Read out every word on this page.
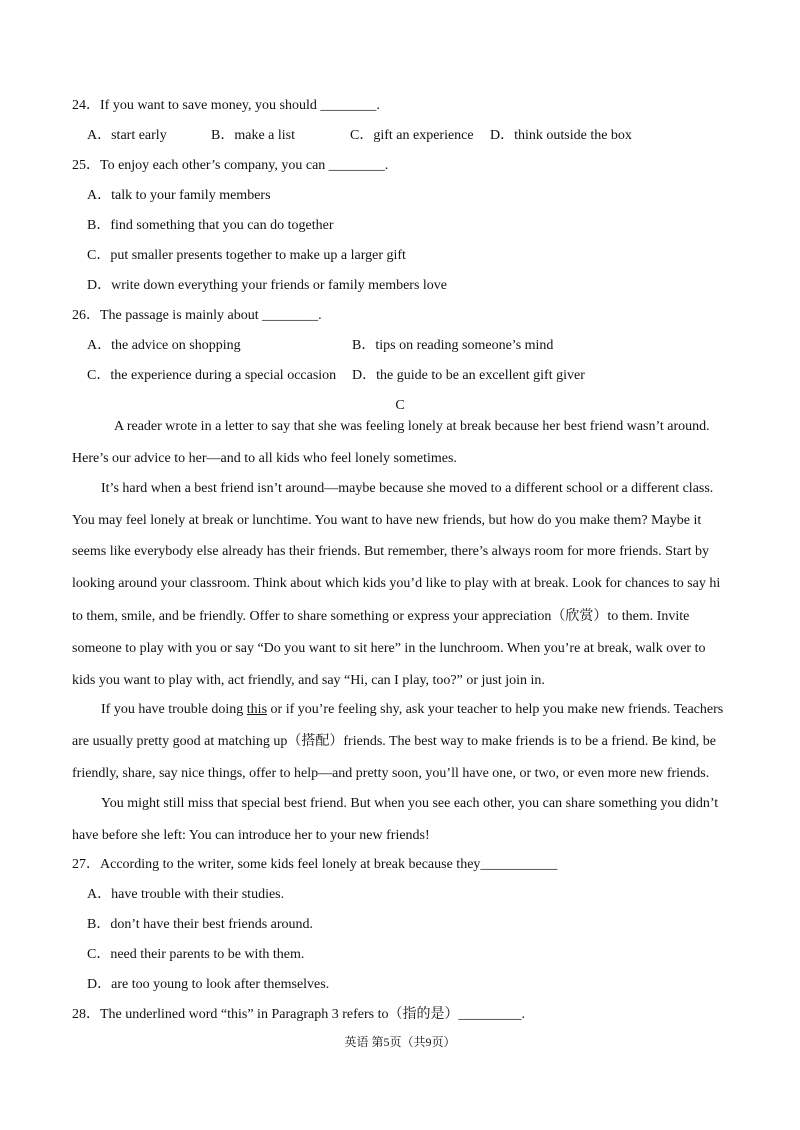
24．If you want to save money, you should ________.
A．start early	B．make a list	C．gift an experience D．think outside the box
25．To enjoy each other’s company, you can ________.
A．talk to your family members
B．find something that you can do together
C．put smaller presents together to make up a larger gift
D．write down everything your friends or family members love
26．The passage is mainly about ________.
A．the advice on shopping	B．tips on reading someone’s mind
C．the experience during a special occasion D．the guide to be an excellent gift giver
C
A reader wrote in a letter to say that she was feeling lonely at break because her best friend wasn’t around.
Here’s our advice to her—and to all kids who feel lonely sometimes.
It’s hard when a best friend isn’t around—maybe because she moved to a different school or a different class.
You may feel lonely at break or lunchtime. You want to have new friends, but how do you make them? Maybe it
seems like everybody else already has their friends. But remember, there’s always room for more friends. Start by
looking around your classroom. Think about which kids you’d like to play with at break. Look for chances to say hi
to them, smile, and be friendly. Offer to share something or express your appreciation（欣赏）to them. Invite
someone to play with you or say “Do you want to sit here” in the lunchroom. When you’re at break, walk over to
kids you want to play with, act friendly, and say “Hi, can I play, too?” or just join in.
If you have trouble doing this or if you’re feeling shy, ask your teacher to help you make new friends. Teachers
are usually pretty good at matching up（搭配）friends. The best way to make friends is to be a friend. Be kind, be
friendly, share, say nice things, offer to help—and pretty soon, you’ll have one, or two, or even more new friends.
You might still miss that special best friend. But when you see each other, you can share something you didn’t
have before she left: You can introduce her to your new friends!
27．According to the writer, some kids feel lonely at break because they___________
A．have trouble with their studies.
B．don’t have their best friends around.
C．need their parents to be with them.
D．are too young to look after themselves.
28．The underlined word “this” in Paragraph 3 refers to（指的是）_________.
英语 第5页（共9页）
